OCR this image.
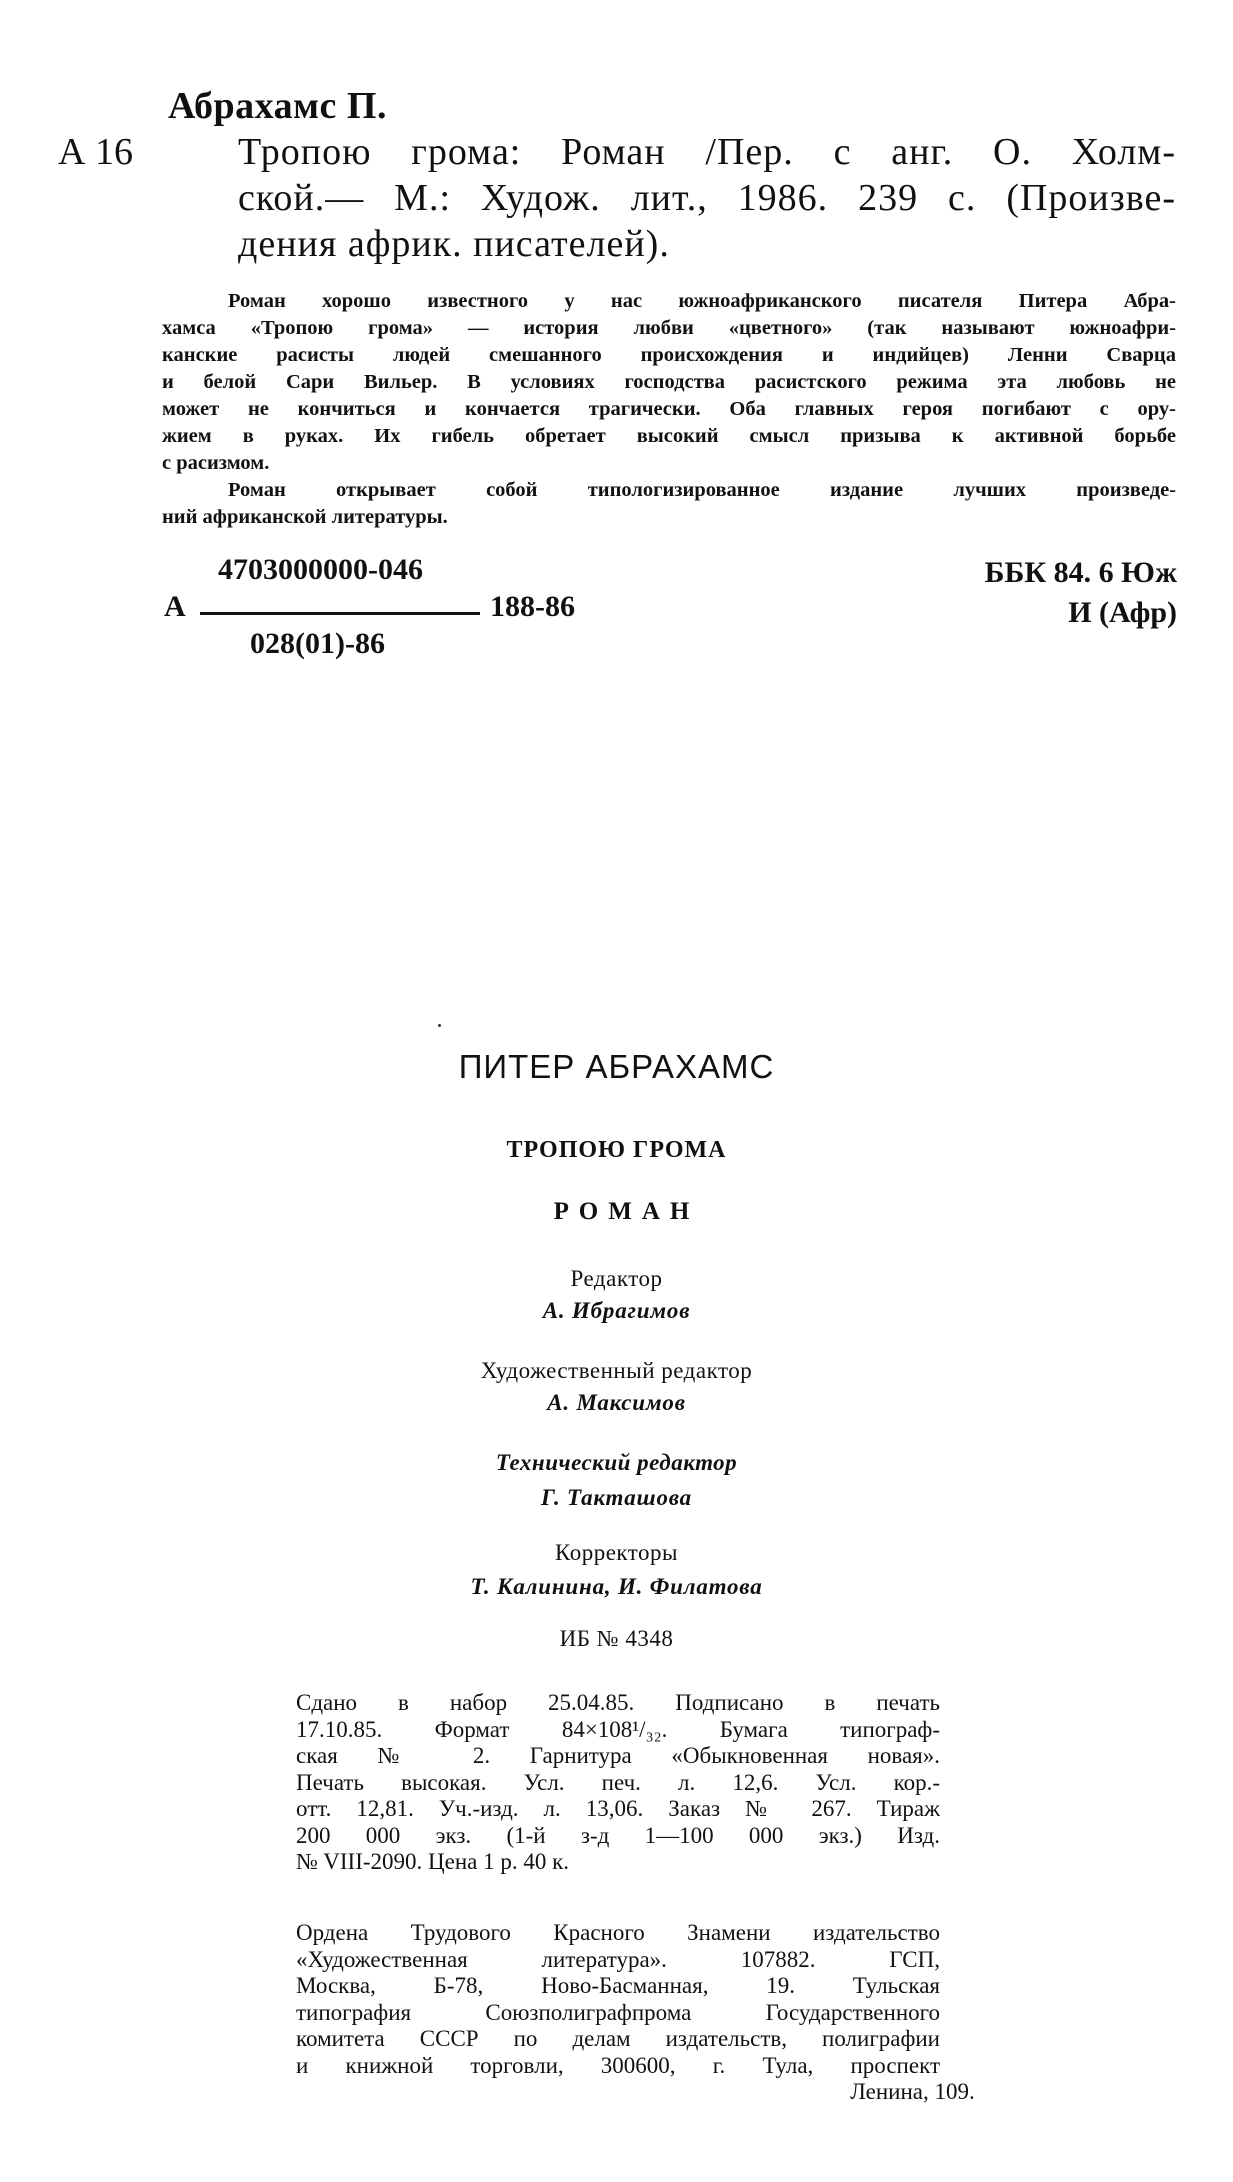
Абрахамс П.
А 16	Тропою грома: Роман /Пер. с анг. О. Холм-
ской.— М.: Худож. лит., 1986. 239 с. (Произве-
дения африк. писателей).
Роман хорошо известного у нас южноафриканского писателя Питера Абра-
хамса «Тропою грома» — история любви «цветного» (так называют южноафри-
канские расисты людей смешанного происхождения и индийцев) Ленни Сварца
и белой Сари Вильер. В условиях господства расистского режима эта любовь не
может не кончиться и кончается трагически. Оба главных героя погибают с ору-
жием в руках. Их гибель обретает высокий смысл призыва к активной борьбе
с расизмом.
Роман открывает собой типологизированное издание лучших произведе-
ний африканской литературы.
4703000000-046
А	188-86
028(01)-86
ББК 84. 6 Юж
И (Афр)
ПИТЕР АБРАХАМС
ТРОПОЮ ГРОМА
РОМАН
Редактор
А. Ибрагимов
Художественный редактор
А. Максимов
Технический редактор
Г. Такташова
Корректоры
Т. Калинина, И. Филатова
ИБ № 4348
Сдано в набор 25.04.85. Подписано в печать
17.10.85. Формат 84×108¹/₃₂. Бумага типограф-
ская № 2. Гарнитура «Обыкновенная новая».
Печать высокая. Усл. печ. л. 12,6. Усл. кор.-
отт. 12,81. Уч.-изд. л. 13,06. Заказ № 267. Тираж
200 000 экз. (1-й з-д 1—100 000 экз.) Изд.
№ VIII-2090. Цена 1 р. 40 к.
Ордена Трудового Красного Знамени издательство
«Художественная литература». 107882. ГСП,
Москва, Б-78, Ново-Басманная, 19. Тульская
типография Союзполиграфпрома Государственного
комитета СССР по делам издательств, полиграфии
и книжной торговли, 300600, г. Тула, проспект
Ленина, 109.
